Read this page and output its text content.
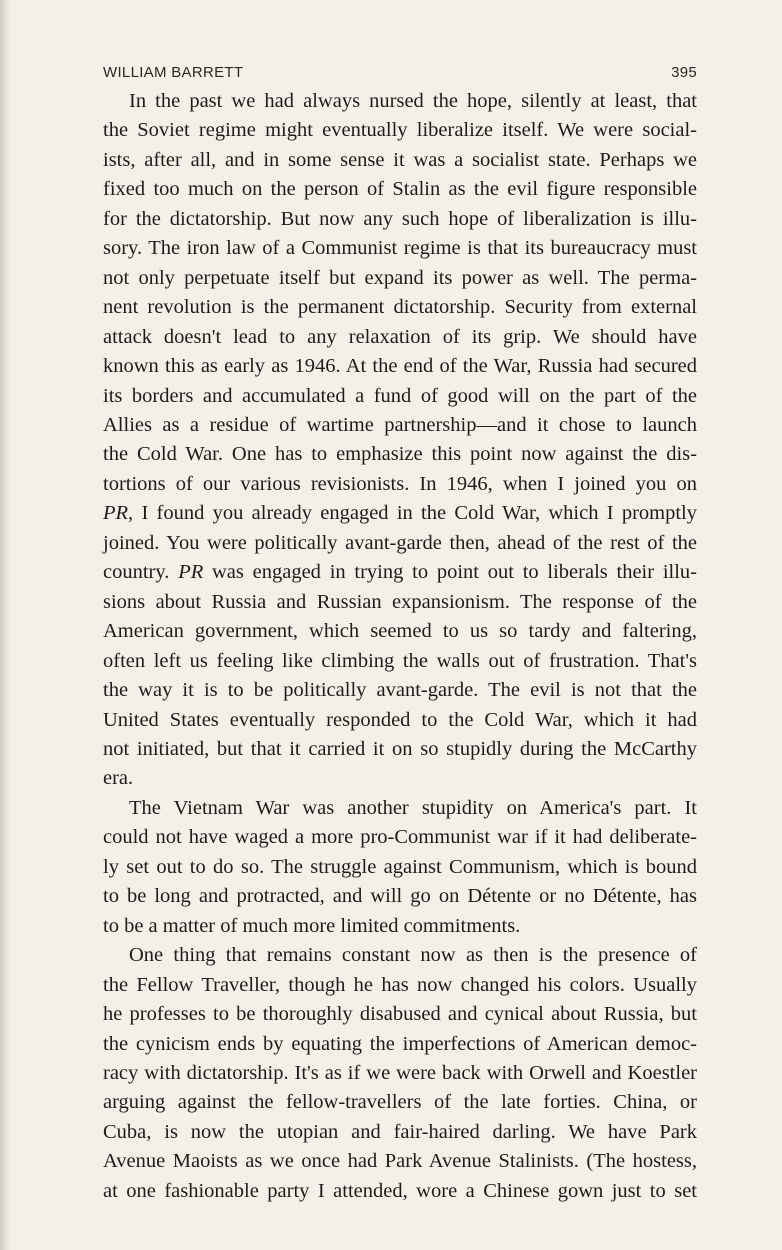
WILLIAM BARRETT	395
In the past we had always nursed the hope, silently at least, that
the Soviet regime might eventually liberalize itself. We were social-
ists, after all, and in some sense it was a socialist state. Perhaps we
fixed too much on the person of Stalin as the evil figure responsible
for the dictatorship. But now any such hope of liberalization is illu-
sory. The iron law of a Communist regime is that its bureaucracy must
not only perpetuate itself but expand its power as well. The perma-
nent revolution is the permanent dictatorship. Security from external
attack doesn't lead to any relaxation of its grip. We should have
known this as early as 1946. At the end of the War, Russia had secured
its borders and accumulated a fund of good will on the part of the
Allies as a residue of wartime partnership—and it chose to launch
the Cold War. One has to emphasize this point now against the dis-
tortions of our various revisionists. In 1946, when I joined you on
PR, I found you already engaged in the Cold War, which I promptly
joined. You were politically avant-garde then, ahead of the rest of the
country. PR was engaged in trying to point out to liberals their illu-
sions about Russia and Russian expansionism. The response of the
American government, which seemed to us so tardy and faltering,
often left us feeling like climbing the walls out of frustration. That's
the way it is to be politically avant-garde. The evil is not that the
United States eventually responded to the Cold War, which it had
not initiated, but that it carried it on so stupidly during the McCarthy
era.
The Vietnam War was another stupidity on America's part. It
could not have waged a more pro-Communist war if it had deliberate-
ly set out to do so. The struggle against Communism, which is bound
to be long and protracted, and will go on Détente or no Détente, has
to be a matter of much more limited commitments.
One thing that remains constant now as then is the presence of
the Fellow Traveller, though he has now changed his colors. Usually
he professes to be thoroughly disabused and cynical about Russia, but
the cynicism ends by equating the imperfections of American democ-
racy with dictatorship. It's as if we were back with Orwell and Koestler
arguing against the fellow-travellers of the late forties. China, or
Cuba, is now the utopian and fair-haired darling. We have Park
Avenue Maoists as we once had Park Avenue Stalinists. (The hostess,
at one fashionable party I attended, wore a Chinese gown just to set
